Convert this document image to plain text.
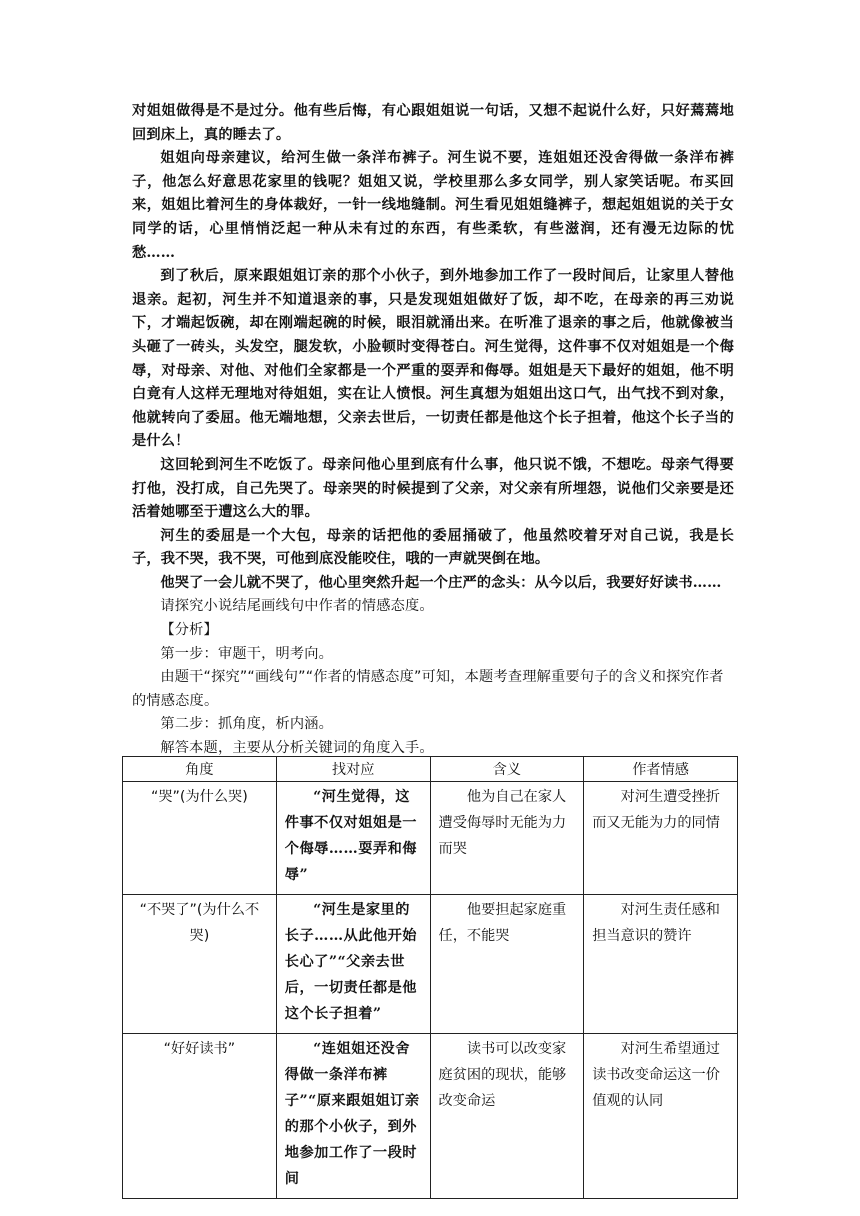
对姐姐做得是不是过分。他有些后悔，有心跟姐姐说一句话，又想不起说什么好，只好蔫蔫地回到床上，真的睡去了。

姐姐向母亲建议，给河生做一条洋布裤子。河生说不要，连姐姐还没舍得做一条洋布裤子，他怎么好意思花家里的钱呢？姐姐又说，学校里那么多女同学，别人家笑话呢。布买回来，姐姐比着河生的身体裁好，一针一线地缝制。河生看见姐姐缝裤子，想起姐姐说的关于女同学的话，心里悄悄泛起一种从未有过的东西，有些柔软，有些滋润，还有漫无边际的忧愁……

到了秋后，原来跟姐姐订亲的那个小伙子，到外地参加工作了一段时间后，让家里人替他退亲。起初，河生并不知道退亲的事，只是发现姐姐做好了饭，却不吃，在母亲的再三劝说下，才端起饭碗，却在刚端起碗的时候，眼泪就涌出来。在听准了退亲的事之后，他就像被当头砸了一砖头，头发空，腿发软，小脸顿时变得苍白。河生觉得，这件事不仅对姐姐是一个侮辱，对母亲、对他、对他们全家都是一个严重的耍弄和侮辱。姐姐是天下最好的姐姐，他不明白竟有人这样无理地对待姐姐，实在让人愤恨。河生真想为姐姐出这口气，出气找不到对象，他就转向了委屈。他无端地想，父亲去世后，一切责任都是他这个长子担着，他这个长子当的是什么！

这回轮到河生不吃饭了。母亲问他心里到底有什么事，他只说不饿，不想吃。母亲气得要打他，没打成，自己先哭了。母亲哭的时候提到了父亲，对父亲有所埋怨，说他们父亲要是还活着她哪至于遭这么大的罪。

河生的委屈是一个大包，母亲的话把他的委屈捅破了，他虽然咬着牙对自己说，我是长子，我不哭，我不哭，可他到底没能咬住，哦的一声就哭倒在地。

他哭了一会儿就不哭了，他心里突然升起一个庄严的念头：从今以后，我要好好读书……

请探究小说结尾画线句中作者的情感态度。

【分析】

第一步：审题干，明考向。

由题干“探究”“画线句”“作者的情感态度”可知，本题考查理解重要句子的含义和探究作者的情感态度。

第二步：抓角度，析内涵。

解答本题，主要从分析关键词的角度入手。

角度	找对应	含义	作者情感
“哭”(为什么哭)	“河生觉得，这件事不仅对姐姐是一个侮辱……耍弄和侮辱”	他为自己在家人遭受侮辱时无能为力而哭	对河生遭受挫折而又无能为力的同情

“不哭了”(为什么不哭)	“河生是家里的长子……从此他开始长心了”“父亲去世后，一切责任都是他这个长子担着”	他要担起家庭重任，不能哭	对河生责任感和担当意识的赞许

“好好读书”	“连姐姐还没舍得做一条洋布裤子”“原来跟姐姐订亲的那个小伙子，到外地参加工作了一段时间	读书可以改变家庭贫困的现状，能够改变命运	对河生希望通过读书改变命运这一价值观的认同
